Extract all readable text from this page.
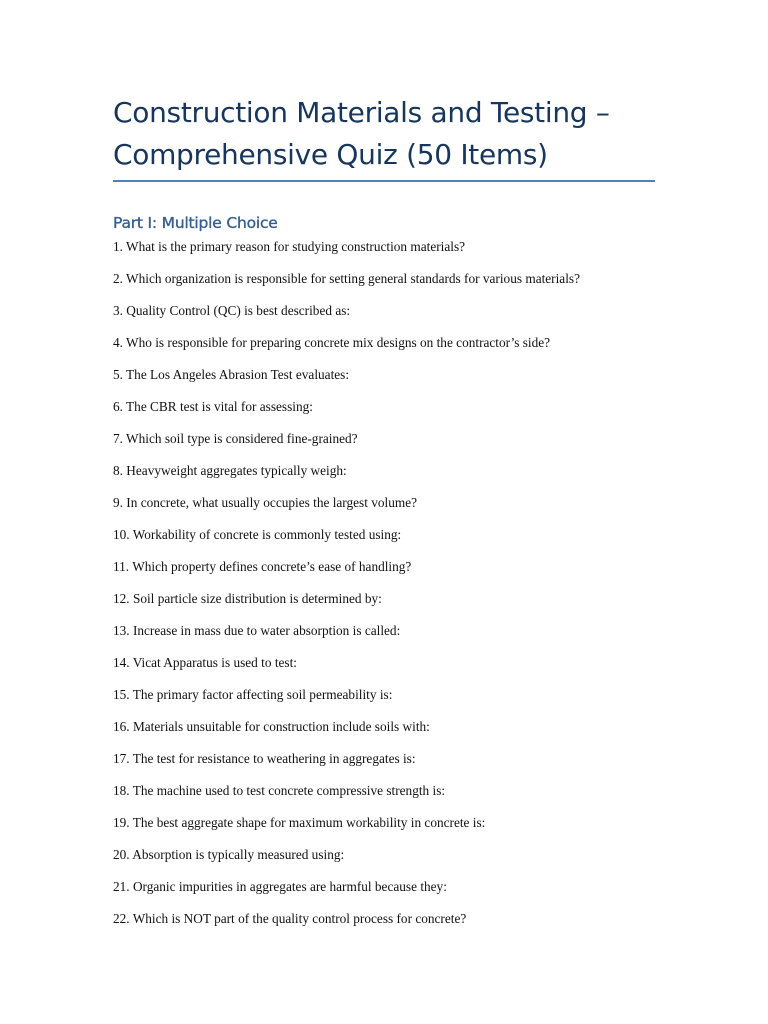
Construction Materials and Testing – Comprehensive Quiz (50 Items)
Part I: Multiple Choice
1. What is the primary reason for studying construction materials?
2. Which organization is responsible for setting general standards for various materials?
3. Quality Control (QC) is best described as:
4. Who is responsible for preparing concrete mix designs on the contractor’s side?
5. The Los Angeles Abrasion Test evaluates:
6. The CBR test is vital for assessing:
7. Which soil type is considered fine-grained?
8. Heavyweight aggregates typically weigh:
9. In concrete, what usually occupies the largest volume?
10. Workability of concrete is commonly tested using:
11. Which property defines concrete’s ease of handling?
12. Soil particle size distribution is determined by:
13. Increase in mass due to water absorption is called:
14. Vicat Apparatus is used to test:
15. The primary factor affecting soil permeability is:
16. Materials unsuitable for construction include soils with:
17. The test for resistance to weathering in aggregates is:
18. The machine used to test concrete compressive strength is:
19. The best aggregate shape for maximum workability in concrete is:
20. Absorption is typically measured using:
21. Organic impurities in aggregates are harmful because they:
22. Which is NOT part of the quality control process for concrete?
